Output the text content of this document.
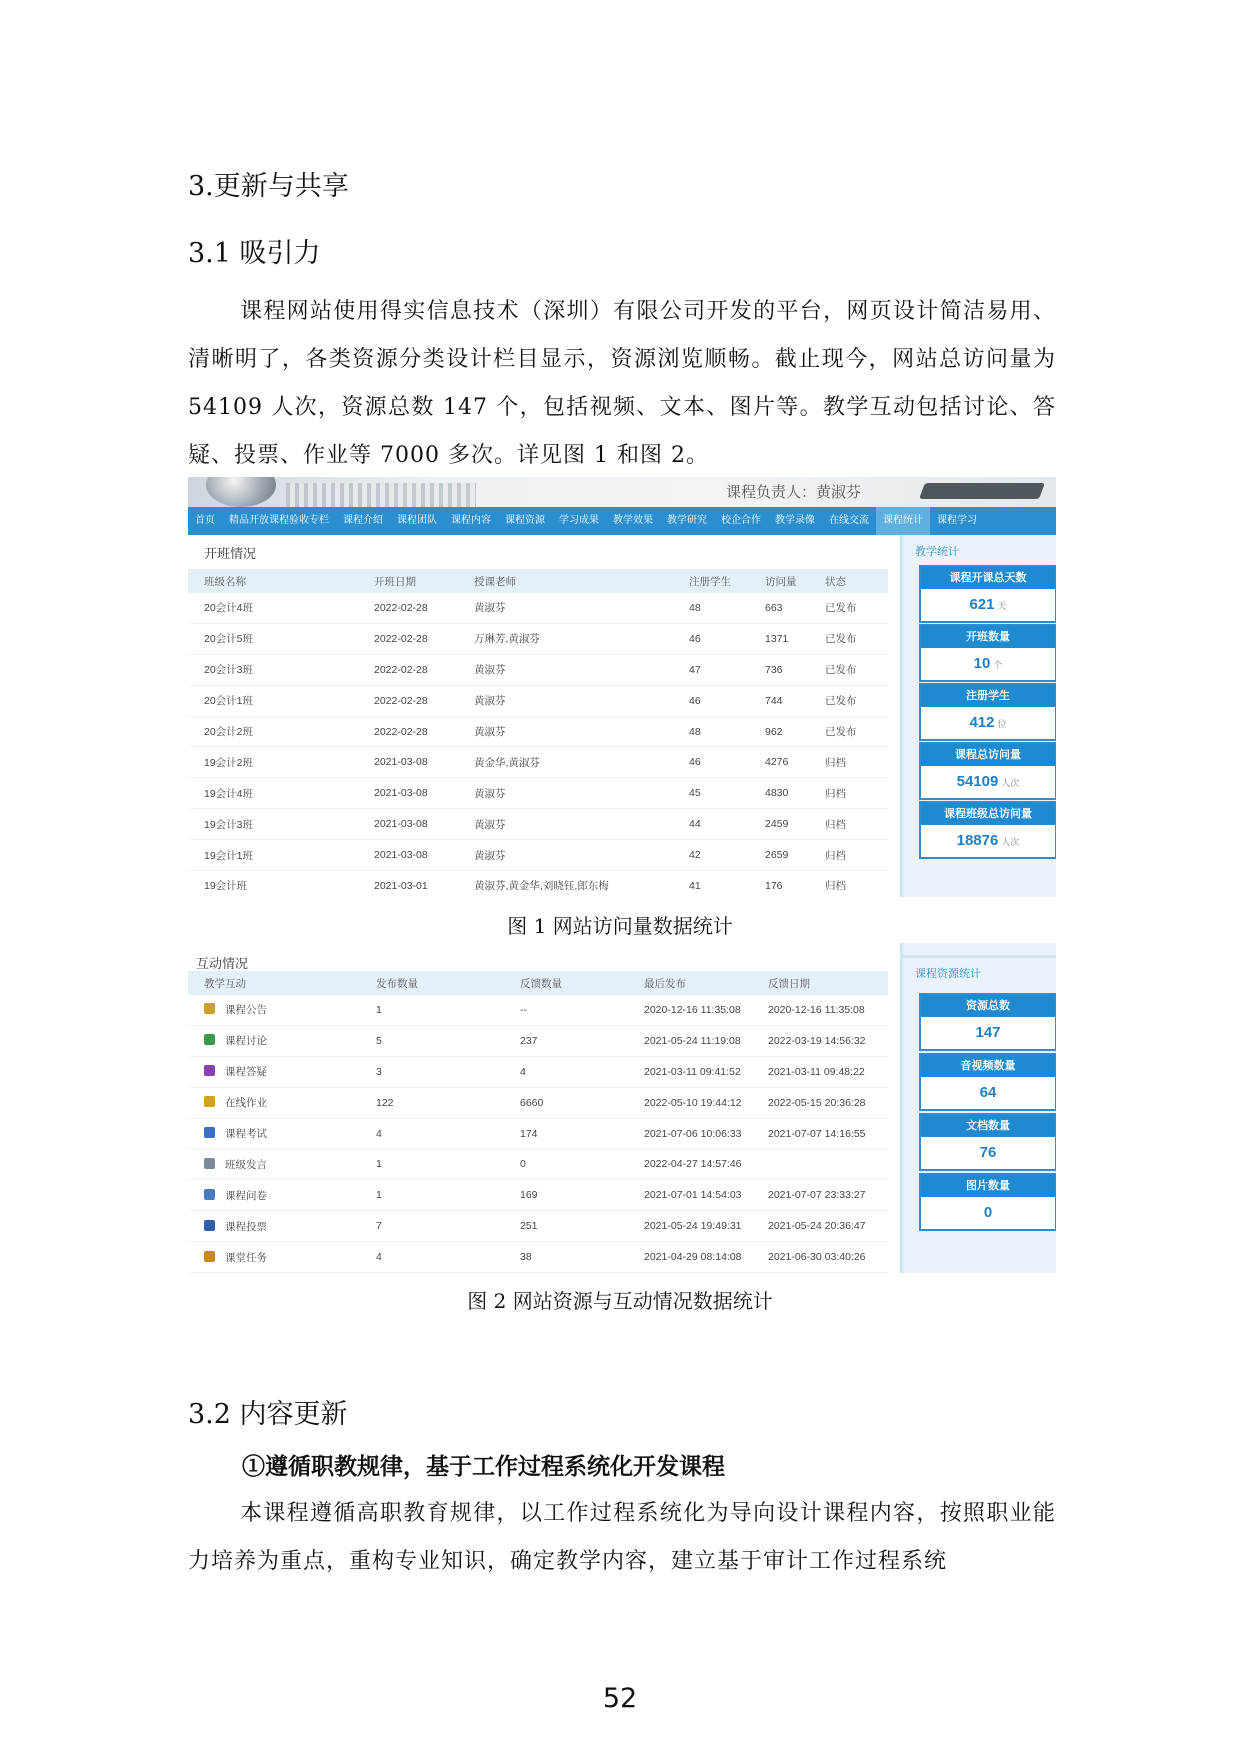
3.更新与共享
3.1 吸引力

课程网站使用得实信息技术（深圳）有限公司开发的平台，网页设计简洁易用、清晰明了，各类资源分类设计栏目显示，资源浏览顺畅。截止现今，网站总访问量为 54109 人次，资源总数 147 个，包括视频、文本、图片等。教学互动包括讨论、答疑、投票、作业等 7000 多次。详见图 1 和图 2。

课程负责人：黄淑芬
首页 精品开放课程验收专栏 课程介绍 课程团队 课程内容 课程资源 学习成果 教学效果 教学研究 校企合作 教学录像 在线交流 课程统计 课程学习
开班情况
班级名称	开班日期	授课老师	注册学生	访问量	状态
20会计4班	2022-02-28	黄淑芬	48	663	已发布
20会计5班	2022-02-28	万琳芳,黄淑芬	46	1371	已发布
20会计3班	2022-02-28	黄淑芬	47	736	已发布
20会计1班	2022-02-28	黄淑芬	46	744	已发布
20会计2班	2022-02-28	黄淑芬	48	962	已发布
19会计2班	2021-03-08	黄金华,黄淑芬	46	4276	归档
19会计4班	2021-03-08	黄淑芬	45	4830	归档
19会计3班	2021-03-08	黄淑芬	44	2459	归档
19会计1班	2021-03-08	黄淑芬	42	2659	归档
19会计班	2021-03-01	黄淑芬,黄金华,刘晓钰,郎东梅	41	176	归档
教学统计
课程开课总天数
621 天
开班数量
10 个
注册学生
412 位
课程总访问量
54109 人次
课程班级总访问量
18876 人次
图 1 网站访问量数据统计
互动情况
教学互动	发布数量	反馈数量	最后发布	反馈日期
课程公告	1	--	2020-12-16 11:35:08	2020-12-16 11:35:08
课程讨论	5	237	2021-05-24 11:19:08	2022-03-19 14:56:32
课程答疑	3	4	2021-03-11 09:41:52	2021-03-11 09:48:22
在线作业	122	6660	2022-05-10 19:44:12	2022-05-15 20:36:28
课程考试	4	174	2021-07-06 10:06:33	2021-07-07 14:16:55
班级发言	1	0	2022-04-27 14:57:46	
课程问卷	1	169	2021-07-01 14:54:03	2021-07-07 23:33:27
课程投票	7	251	2021-05-24 19:49:31	2021-05-24 20:36:47
课堂任务	4	38	2021-04-29 08:14:08	2021-06-30 03:40:26
课程资源统计
资源总数
147
音视频数量
64
文档数量
76
图片数量
0
图 2 网站资源与互动情况数据统计
3.2 内容更新
①遵循职教规律，基于工作过程系统化开发课程

本课程遵循高职教育规律，以工作过程系统化为导向设计课程内容，按照职业能力培养为重点，重构专业知识，确定教学内容，建立基于审计工作过程系统

52
